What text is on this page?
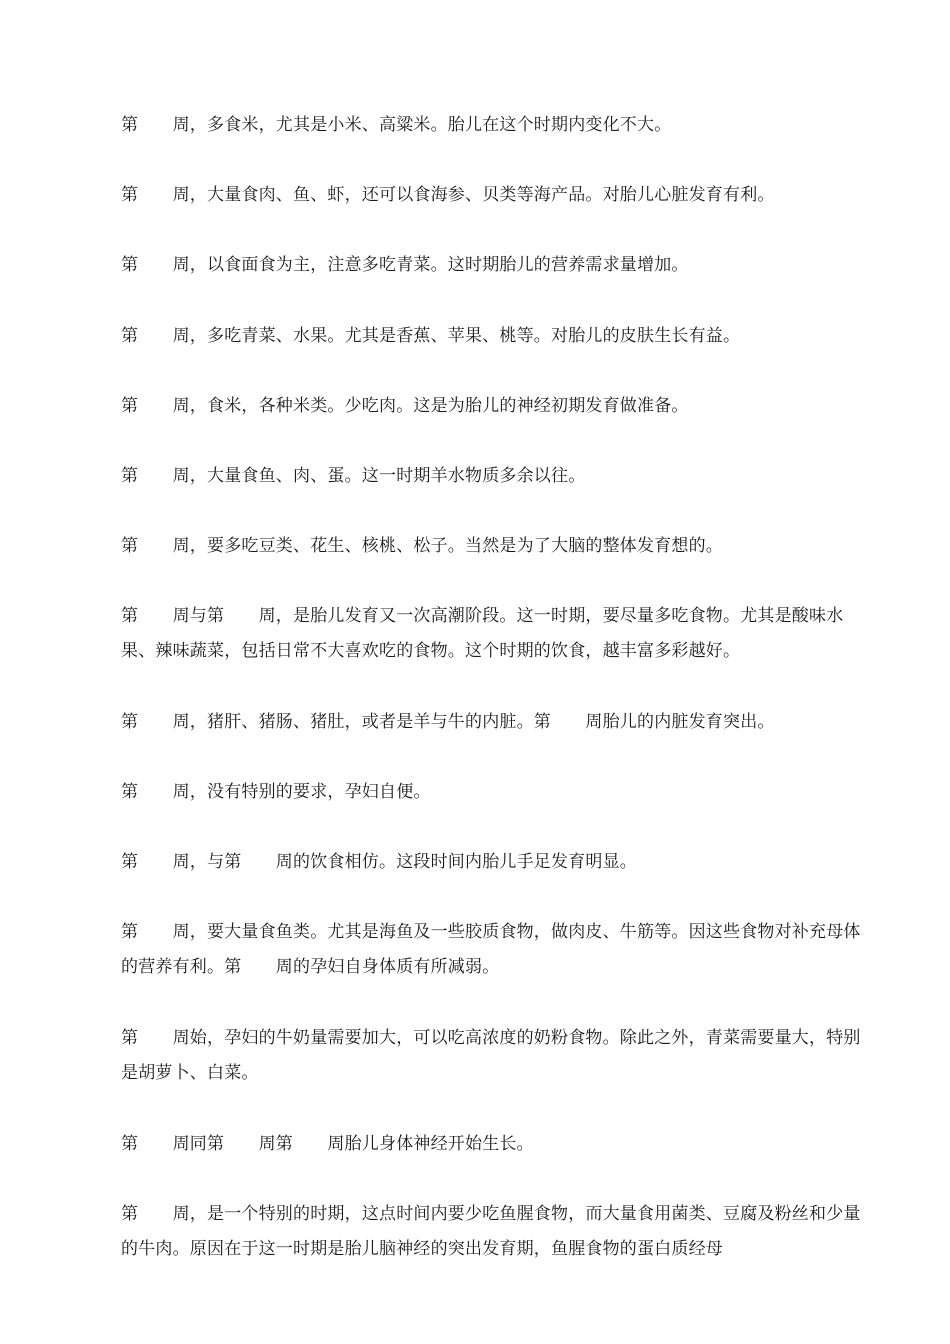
第　　周，多食米，尤其是小米、高粱米。胎儿在这个时期内变化不大。

第　　周，大量食肉、鱼、虾，还可以食海参、贝类等海产品。对胎儿心脏发育有利。

第　　周，以食面食为主，注意多吃青菜。这时期胎儿的营养需求量增加。

第　　周，多吃青菜、水果。尤其是香蕉、苹果、桃等。对胎儿的皮肤生长有益。

第　　周，食米，各种米类。少吃肉。这是为胎儿的神经初期发育做准备。

第　　周，大量食鱼、肉、蛋。这一时期羊水物质多余以往。

第　　周，要多吃豆类、花生、核桃、松子。当然是为了大脑的整体发育想的。

第　　周与第　　周，是胎儿发育又一次高潮阶段。这一时期，要尽量多吃食物。尤其是酸味水果、辣味蔬菜，包括日常不大喜欢吃的食物。这个时期的饮食，越丰富多彩越好。

第　　周，猪肝、猪肠、猪肚，或者是羊与牛的内脏。第　　周胎儿的内脏发育突出。

第　　周，没有特别的要求，孕妇自便。

第　　周，与第　　周的饮食相仿。这段时间内胎儿手足发育明显。

第　　周，要大量食鱼类。尤其是海鱼及一些胶质食物，做肉皮、牛筋等。因这些食物对补充母体的营养有利。第　　周的孕妇自身体质有所减弱。

第　　周始，孕妇的牛奶量需要加大，可以吃高浓度的奶粉食物。除此之外，青菜需要量大，特别是胡萝卜、白菜。

第　　周同第　　周第　　周胎儿身体神经开始生长。

第　　周，是一个特别的时期，这点时间内要少吃鱼腥食物，而大量食用菌类、豆腐及粉丝和少量的牛肉。原因在于这一时期是胎儿脑神经的突出发育期，鱼腥食物的蛋白质经母
